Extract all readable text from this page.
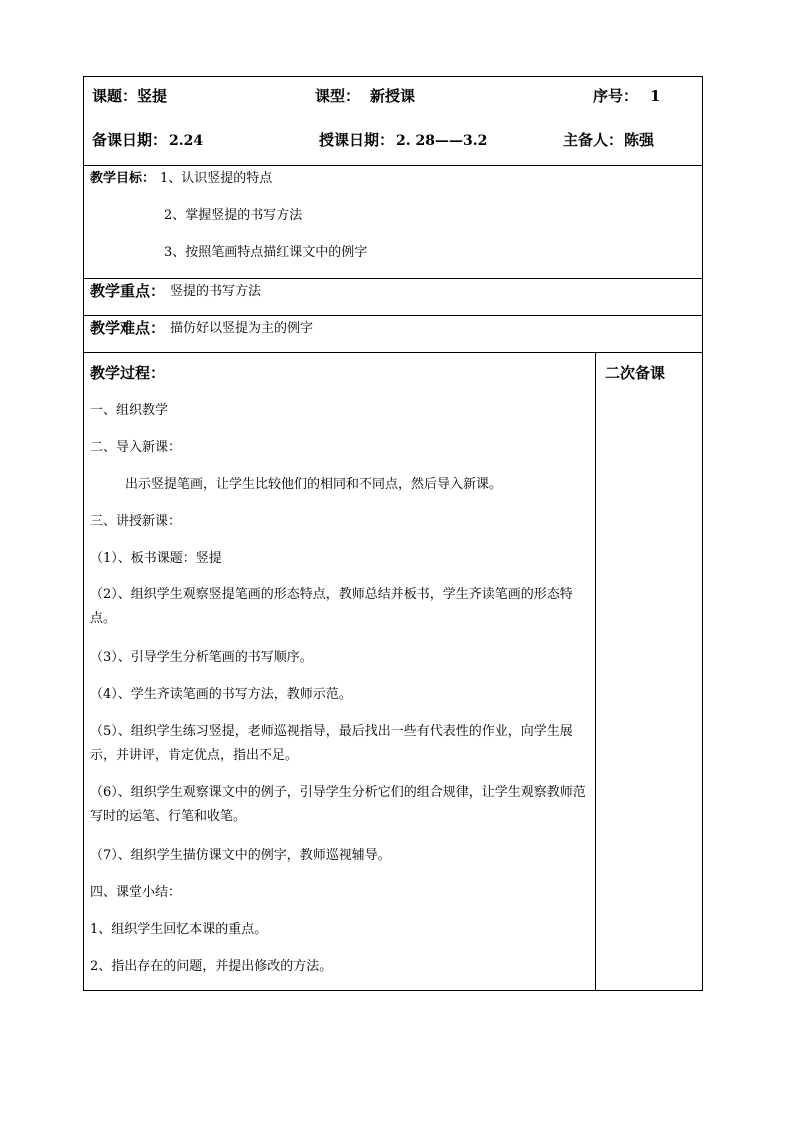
课题： 竖提	课型： 新授课	序号： 1
备课日期： 2.24	授课日期： 2. 28——3.2	主备人： 陈强
教学目标： 1、认识竖提的特点
2、掌握竖提的书写方法
3、按照笔画特点描红课文中的例字
教学重点： 竖提的书写方法
教学难点： 描仿好以竖提为主的例字
教学过程：	二次备课
一、组织教学
二、导入新课：
出示竖提笔画，让学生比较他们的相同和不同点，然后导入新课。
三、讲授新课：
（1）、板书课题：竖提
（2）、组织学生观察竖提笔画的形态特点，教师总结并板书，学生齐读笔画的形态特点。
（3）、引导学生分析笔画的书写顺序。
（4）、学生齐读笔画的书写方法，教师示范。
（5）、组织学生练习竖提，老师巡视指导，最后找出一些有代表性的作业，向学生展示，并讲评，肯定优点，指出不足。
（6）、组织学生观察课文中的例子，引导学生分析它们的组合规律，让学生观察教师范写时的运笔、行笔和收笔。
（7）、组织学生描仿课文中的例字，教师巡视辅导。
四、课堂小结：
1、组织学生回忆本课的重点。
2、指出存在的问题，并提出修改的方法。
